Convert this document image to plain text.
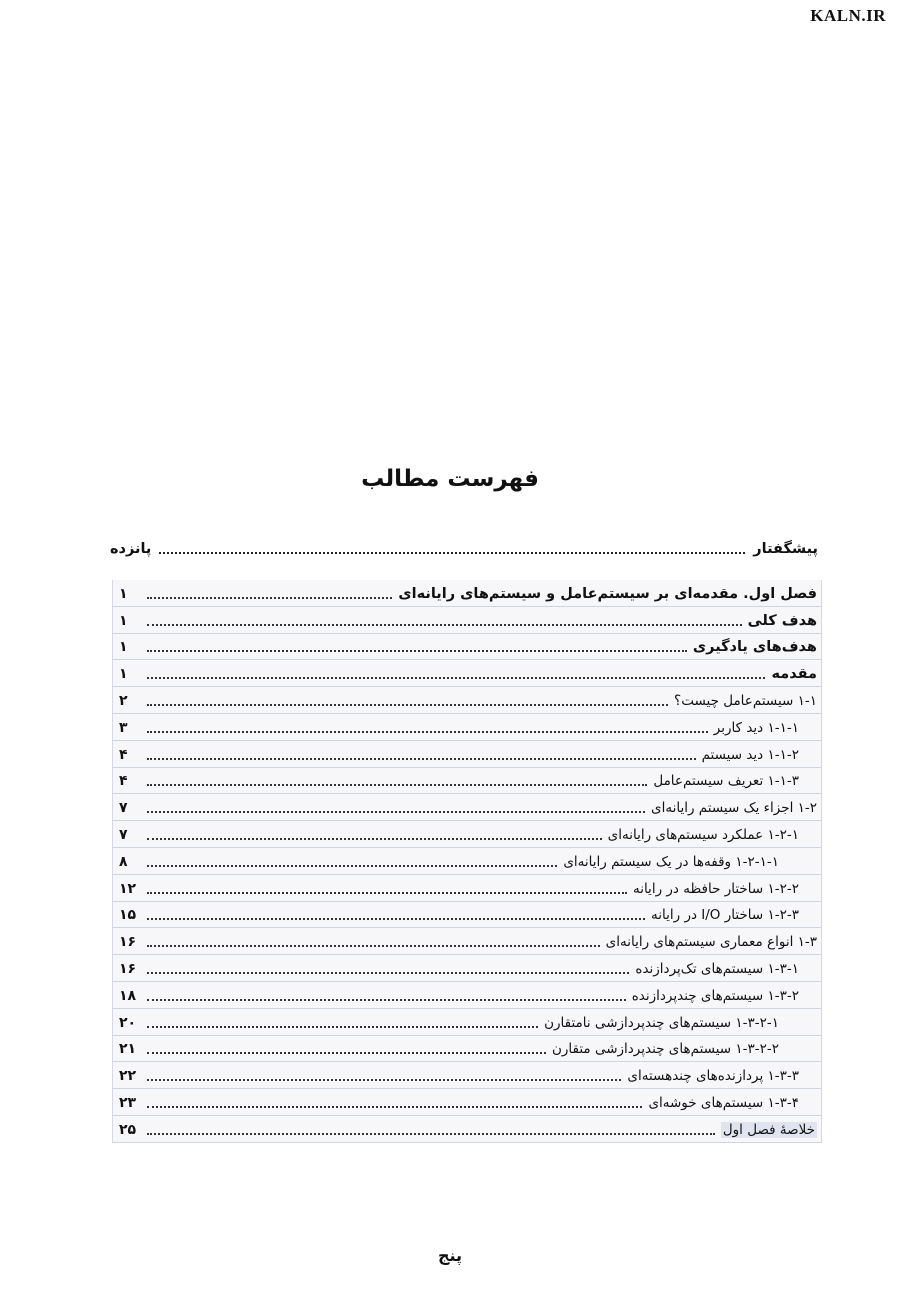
KALN.IR
فهرست مطالب
پیشگفتار
پانزده
فصل اول. مقدمه‌ای بر سیستم‌عامل و سیستم‌های رایانه‌ای
۱
هدف کلی
۱
هدف‌های یادگیری
۱
مقدمه
۱
۱-۱ سیستم‌عامل چیست؟
۲
۱-۱-۱ دید کاربر
۳
۱-۱-۲ دید سیستم
۴
۱-۱-۳ تعریف سیستم‌عامل
۴
۱-۲ اجزاء یک سیستم رایانه‌ای
۷
۱-۲-۱ عملکرد سیستم‌های رایانه‌ای
۷
۱-۲-۱-۱ وقفه‌ها در یک سیستم رایانه‌ای
۸
۱-۲-۲ ساختار حافظه در رایانه
۱۲
۱-۲-۳ ساختار I/O در رایانه
۱۵
۱-۳ انواع معماری سیستم‌های رایانه‌ای
۱۶
۱-۳-۱ سیستم‌های تک‌پردازنده
۱۶
۱-۳-۲ سیستم‌های چندپردازنده
۱۸
۱-۳-۲-۱ سیستم‌های چندپردازشی نامتقارن
۲۰
۱-۳-۲-۲ سیستم‌های چندپردازشی متقارن
۲۱
۱-۳-۳ پردازنده‌های چندهسته‌ای
۲۲
۱-۳-۴ سیستم‌های خوشه‌ای
۲۳
خلاصهٔ فصل اول
۲۵
پنج
